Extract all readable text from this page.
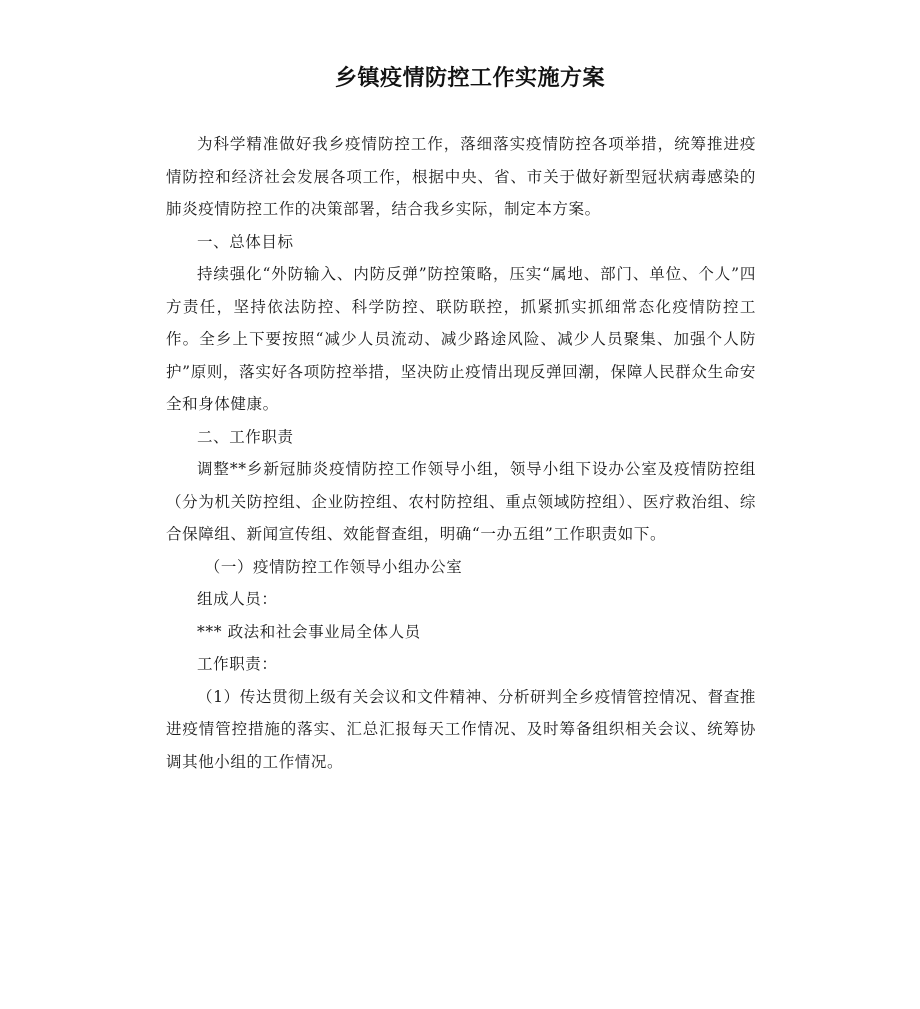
乡镇疫情防控工作实施方案

为科学精准做好我乡疫情防控工作，落细落实疫情防控各项举措，统筹推进疫情防控和经济社会发展各项工作，根据中央、省、市关于做好新型冠状病毒感染的肺炎疫情防控工作的决策部署，结合我乡实际，制定本方案。

一、总体目标

持续强化“外防输入、内防反弹”防控策略，压实“属地、部门、单位、个人”四方责任，坚持依法防控、科学防控、联防联控，抓紧抓实抓细常态化疫情防控工作。全乡上下要按照“减少人员流动、减少路途风险、减少人员聚集、加强个人防护”原则，落实好各项防控举措，坚决防止疫情出现反弹回潮，保障人民群众生命安全和身体健康。

二、工作职责

调整**乡新冠肺炎疫情防控工作领导小组，领导小组下设办公室及疫情防控组（分为机关防控组、企业防控组、农村防控组、重点领域防控组）、医疗救治组、综合保障组、新闻宣传组、效能督查组，明确“一办五组”工作职责如下。

（一）疫情防控工作领导小组办公室

组成人员：

*** 政法和社会事业局全体人员

工作职责：

（1）传达贯彻上级有关会议和文件精神、分析研判全乡疫情管控情况、督查推进疫情管控措施的落实、汇总汇报每天工作情况、及时筹备组织相关会议、统筹协调其他小组的工作情况。
